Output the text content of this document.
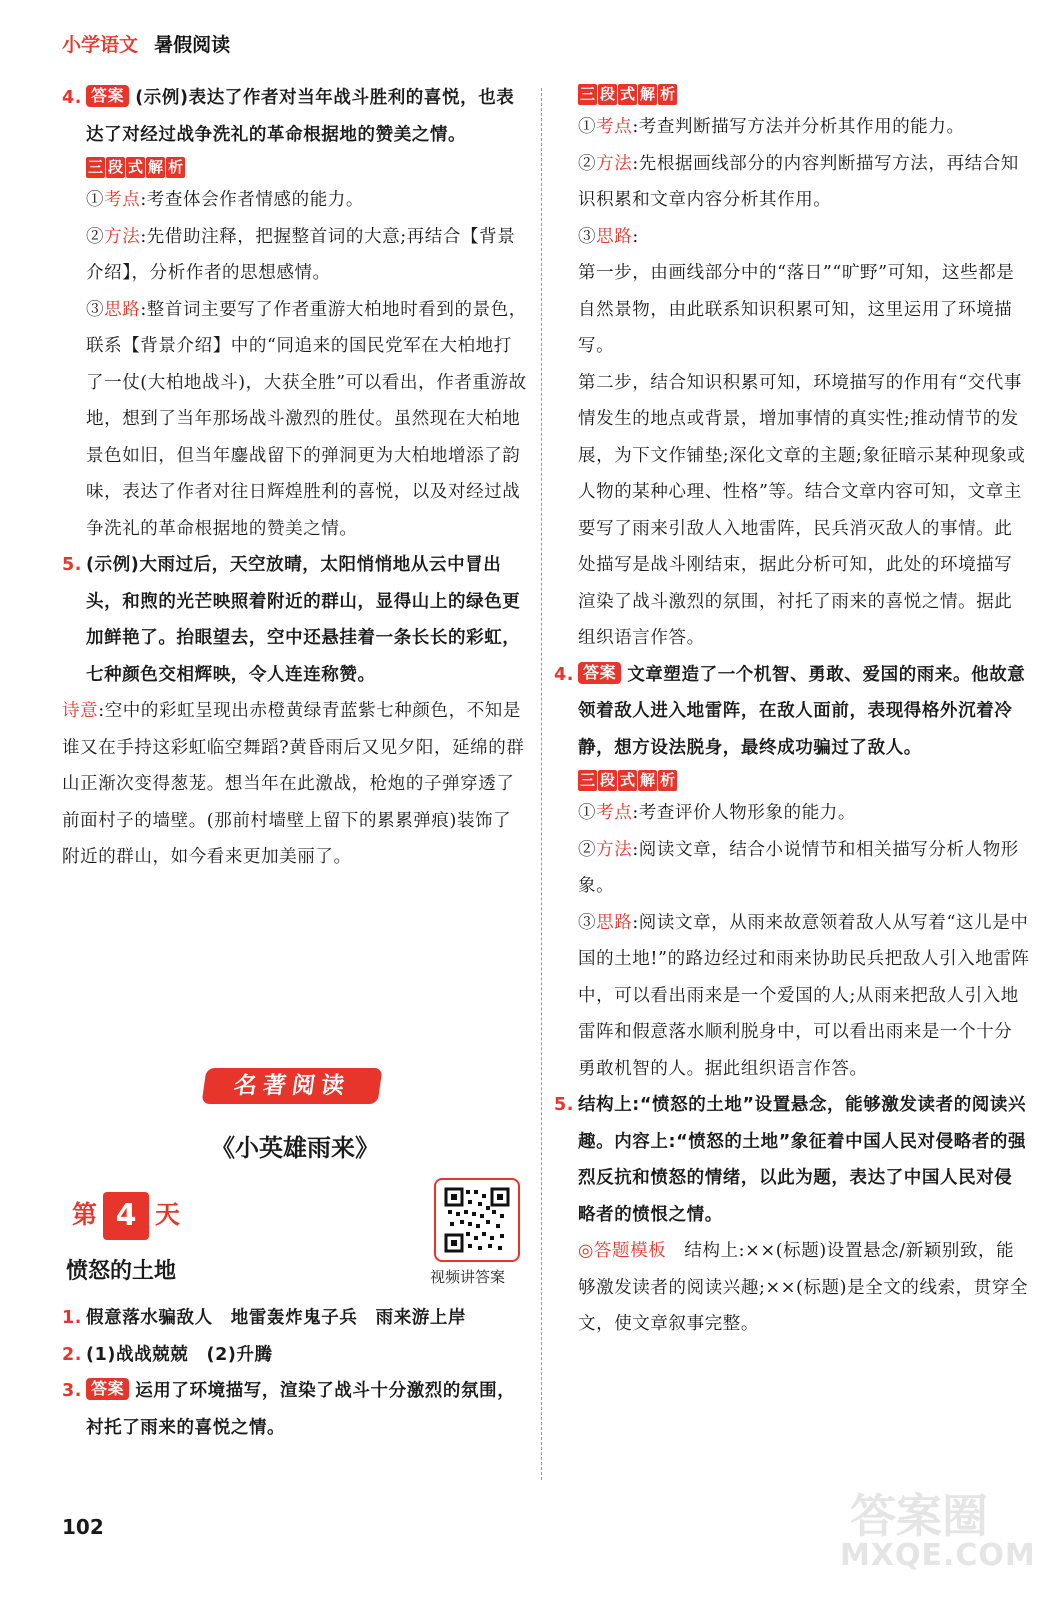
小学语文 暑假阅读
4. 答案 (示例)表达了作者对当年战斗胜利的喜悦，也表达了对经过战争洗礼的革命根据地的赞美之情。
三 段 式 解 析
①考点:考查体会作者情感的能力。
②方法:先借助注释，把握整首词的大意;再结合【背景介绍】，分析作者的思想感情。
③思路:整首词主要写了作者重游大柏地时看到的景色，联系【背景介绍】中的“同追来的国民党军在大柏地打了一仗(大柏地战斗)，大获全胜”可以看出，作者重游故地，想到了当年那场战斗激烈的胜仗。虽然现在大柏地景色如旧，但当年鏖战留下的弹洞更为大柏地增添了韵味，表达了作者对往日辉煌胜利的喜悦，以及对经过战争洗礼的革命根据地的赞美之情。
5. (示例)大雨过后，天空放晴，太阳悄悄地从云中冒出头，和煦的光芒映照着附近的群山，显得山上的绿色更加鲜艳了。抬眼望去，空中还悬挂着一条长长的彩虹，七种颜色交相辉映，令人连连称赞。
诗意:空中的彩虹呈现出赤橙黄绿青蓝紫七种颜色，不知是谁又在手持这彩虹临空舞蹈?黄昏雨后又见夕阳，延绵的群山正渐次变得葱茏。想当年在此激战，枪炮的子弹穿透了前面村子的墙壁。(那前村墙壁上留下的累累弹痕)装饰了附近的群山，如今看来更加美丽了。
名著阅读
《小英雄雨来》
第 4 天
视频讲答案
愤怒的土地
1. 假意落水骗敌人　地雷轰炸鬼子兵　雨来游上岸
2. (1)战战兢兢　(2)升腾
3. 答案 运用了环境描写，渲染了战斗十分激烈的氛围，衬托了雨来的喜悦之情。
102
三 段 式 解 析
①考点:考查判断描写方法并分析其作用的能力。
②方法:先根据画线部分的内容判断描写方法，再结合知识积累和文章内容分析其作用。
③思路:
第一步，由画线部分中的“落日”“旷野”可知，这些都是自然景物，由此联系知识积累可知，这里运用了环境描写。
第二步，结合知识积累可知，环境描写的作用有“交代事情发生的地点或背景，增加事情的真实性;推动情节的发展，为下文作铺垫;深化文章的主题;象征暗示某种现象或人物的某种心理、性格”等。结合文章内容可知，文章主要写了雨来引敌人入地雷阵，民兵消灭敌人的事情。此处描写是战斗刚结束，据此分析可知，此处的环境描写渲染了战斗激烈的氛围，衬托了雨来的喜悦之情。据此组织语言作答。
4. 答案 文章塑造了一个机智、勇敢、爱国的雨来。他故意领着敌人进入地雷阵，在敌人面前，表现得格外沉着冷静，想方设法脱身，最终成功骗过了敌人。
三 段 式 解 析
①考点:考查评价人物形象的能力。
②方法:阅读文章，结合小说情节和相关描写分析人物形象。
③思路:阅读文章，从雨来故意领着敌人从写着“这儿是中国的土地!”的路边经过和雨来协助民兵把敌人引入地雷阵中，可以看出雨来是一个爱国的人;从雨来把敌人引入地雷阵和假意落水顺利脱身中，可以看出雨来是一个十分勇敢机智的人。据此组织语言作答。
5. 结构上:“愤怒的土地”设置悬念，能够激发读者的阅读兴趣。内容上:“愤怒的土地”象征着中国人民对侵略者的强烈反抗和愤怒的情绪，以此为题，表达了中国人民对侵略者的愤恨之情。
◎答题模板　结构上:××(标题)设置悬念/新颖别致，能够激发读者的阅读兴趣;××(标题)是全文的线索，贯穿全文，使文章叙事完整。
答案圈
MXQE.COM
